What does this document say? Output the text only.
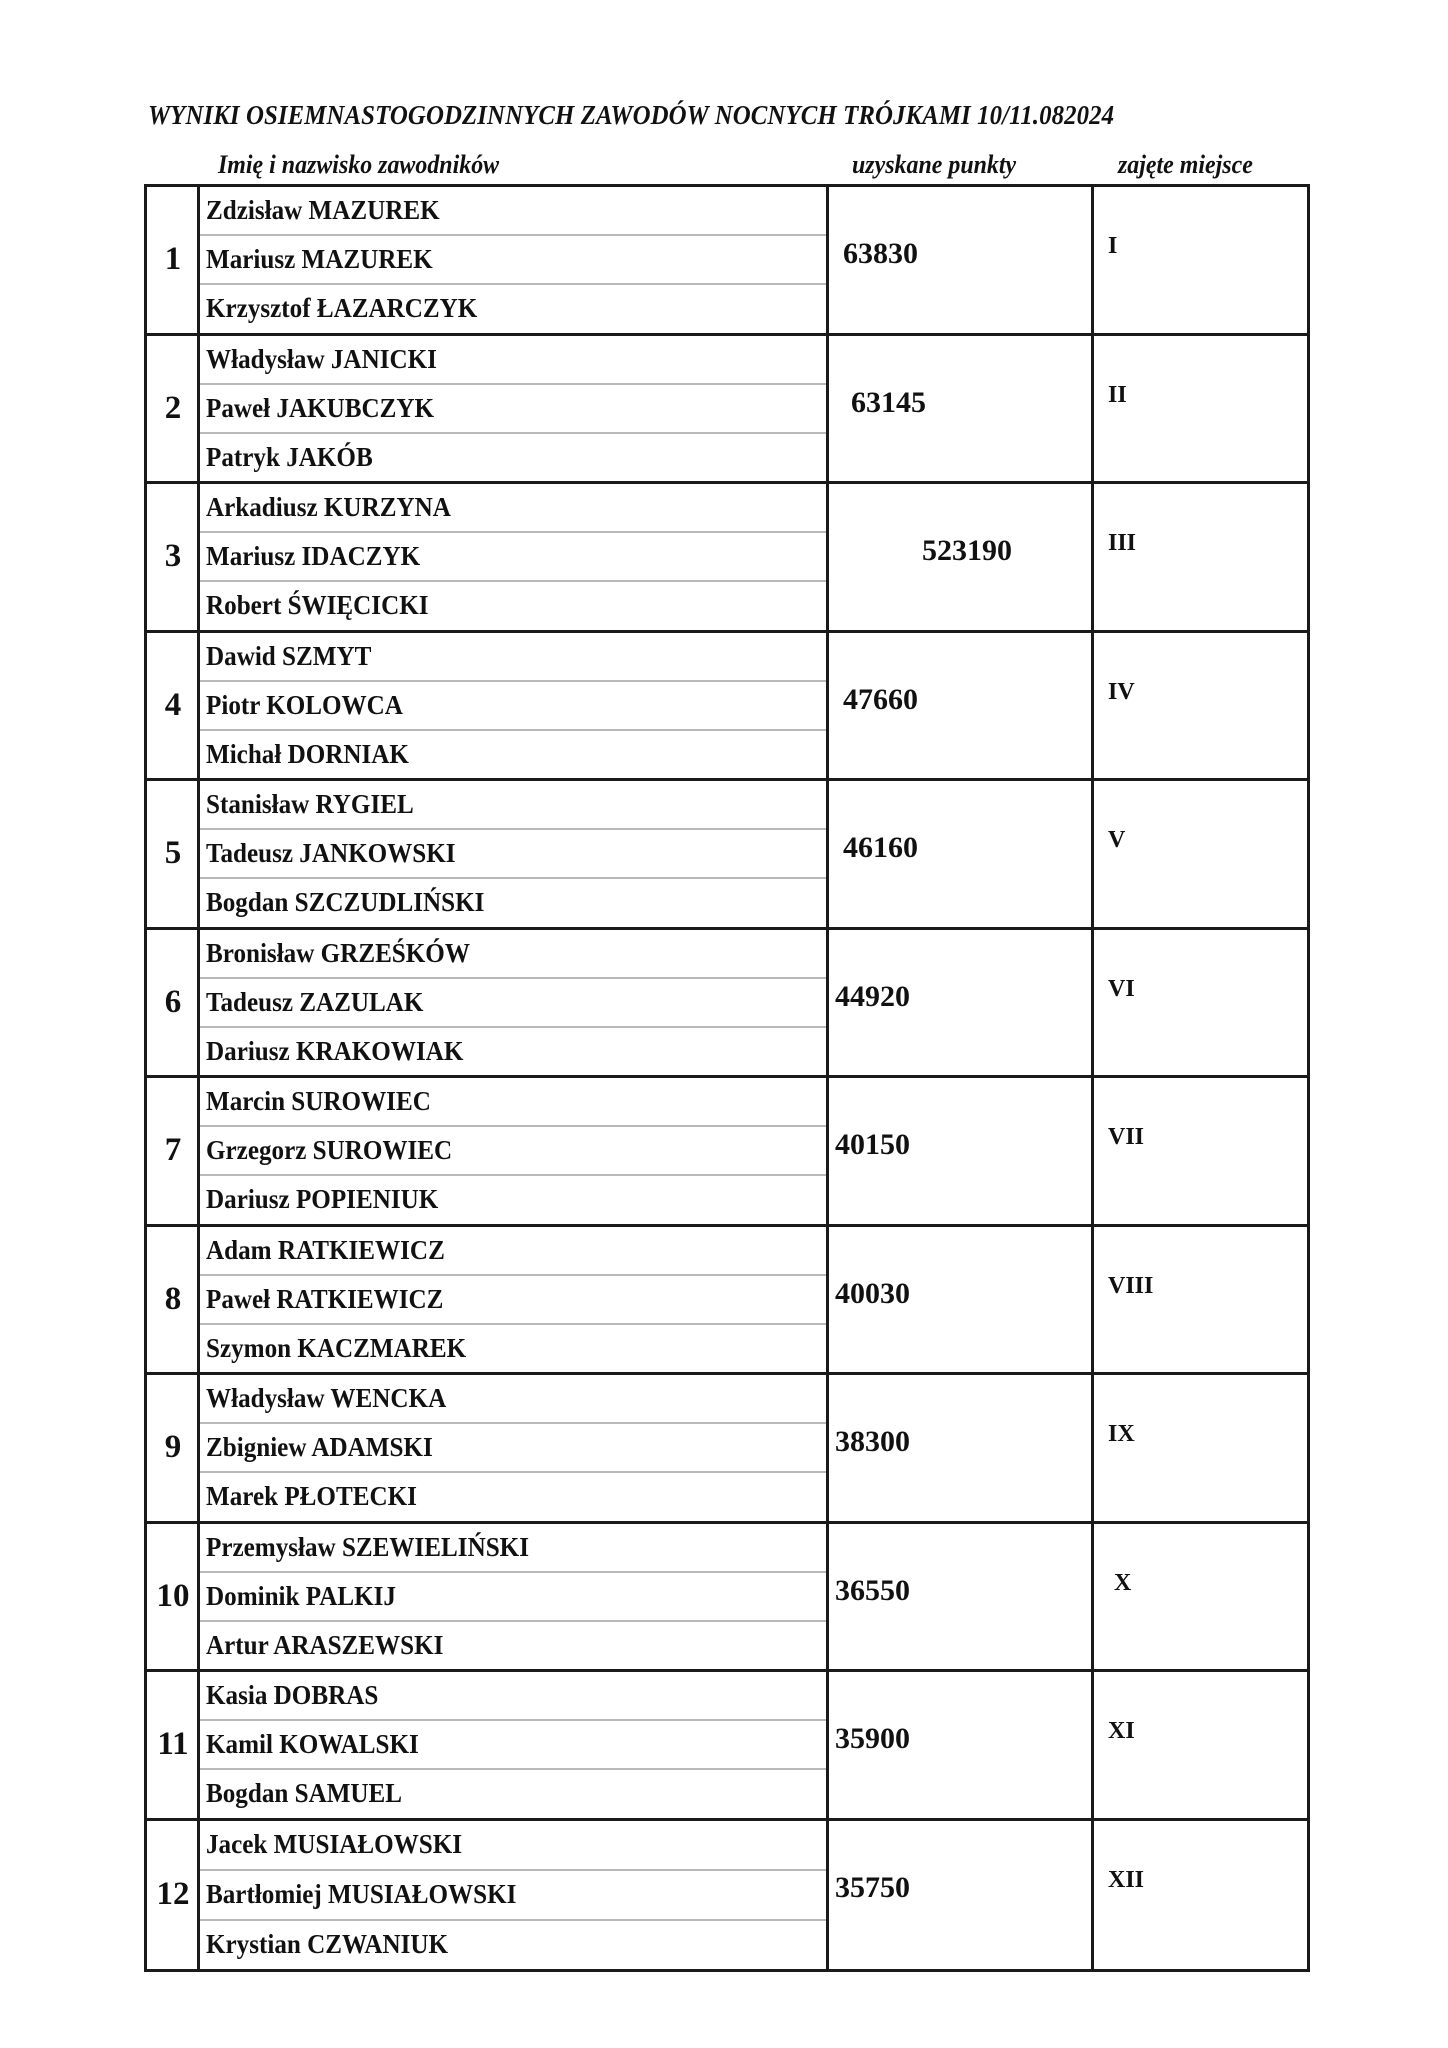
WYNIKI OSIEMNASTOGODZINNYCH ZAWODÓW NOCNYCH TRÓJKAMI 10/11.082024
Imię i nazwisko zawodników	uzyskane punkty	zajęte miejsce
1
Zdzisław MAZUREK
Mariusz MAZUREK
Krzysztof ŁAZARCZYK
63830	I
2
Władysław JANICKI
Paweł JAKUBCZYK
Patryk JAKÓB
63145	II
3
Arkadiusz KURZYNA
Mariusz IDACZYK
Robert ŚWIĘCICKI
523190	III
4
Dawid SZMYT
Piotr KOLOWCA
Michał DORNIAK
47660	IV
5
Stanisław RYGIEL
Tadeusz JANKOWSKI
Bogdan SZCZUDLIŃSKI
46160	V
6
Bronisław GRZEŚKÓW
Tadeusz ZAZULAK
Dariusz KRAKOWIAK
44920	VI
7
Marcin SUROWIEC
Grzegorz SUROWIEC
Dariusz POPIENIUK
40150	VII
8
Adam RATKIEWICZ
Paweł RATKIEWICZ
Szymon KACZMAREK
40030	VIII
9
Władysław WENCKA
Zbigniew ADAMSKI
Marek PŁOTECKI
38300	IX
10
Przemysław SZEWIELIŃSKI
Dominik PALKIJ
Artur ARASZEWSKI
36550	X
11
Kasia DOBRAS
Kamil KOWALSKI
Bogdan SAMUEL
35900	XI
12
Jacek MUSIAŁOWSKI
Bartłomiej MUSIAŁOWSKI
Krystian CZWANIUK
35750	XII
